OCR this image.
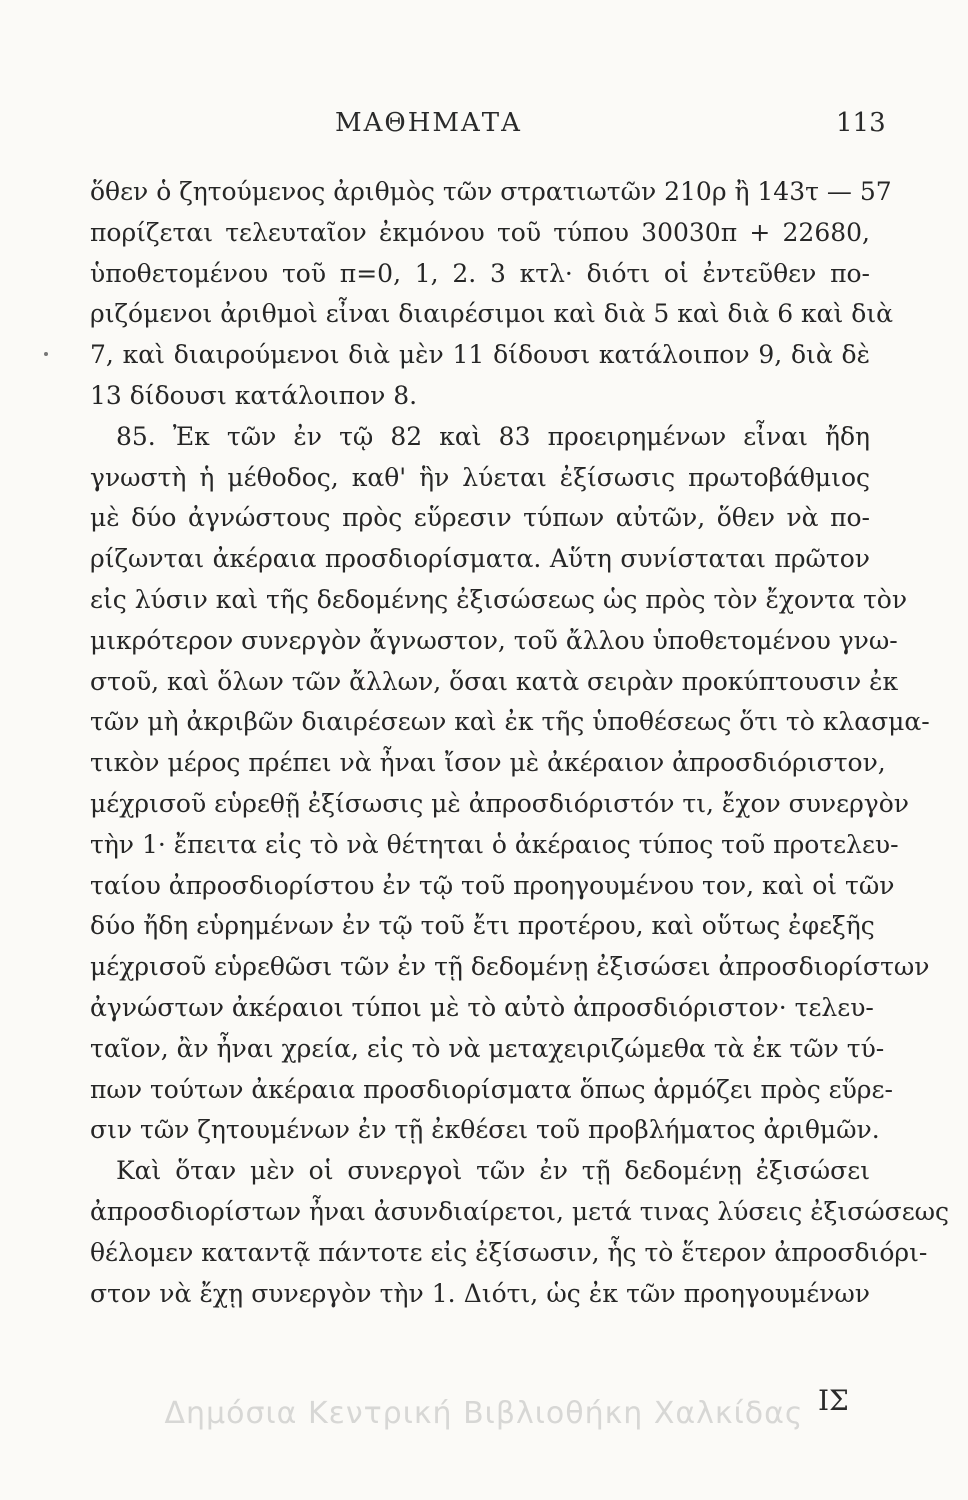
ΜΑΘΗΜΑΤΑ	113
ὅθεν ὁ ζητούμενος ἀριθμὸς τῶν στρατιωτῶν 210ρ ἢ 143τ — 57
πορίζεται τελευταῖον ἐκμόνου τοῦ τύπου 30030π + 22680,
ὑποθετομένου τοῦ π=0, 1, 2. 3 κτλ· διότι οἱ ἐντεῦθεν πο-
ριζόμενοι ἀριθμοὶ εἶναι διαιρέσιμοι καὶ διὰ 5 καὶ διὰ 6 καὶ διὰ
7, καὶ διαιρούμενοι διὰ μὲν 11 δίδουσι κατάλοιπον 9, διὰ δὲ
13 δίδουσι κατάλοιπον 8.
85. Ἐκ τῶν ἐν τῷ 82 καὶ 83 προειρημένων εἶναι ἤδη
γνωστὴ ἡ μέθοδος, καθ' ἣν λύεται ἐξίσωσις πρωτοβάθμιος
μὲ δύο ἀγνώστους πρὸς εὕρεσιν τύπων αὐτῶν, ὅθεν νὰ πο-
ρίζωνται ἀκέραια προσδιορίσματα. Αὕτη συνίσταται πρῶτον
εἰς λύσιν καὶ τῆς δεδομένης ἐξισώσεως ὡς πρὸς τὸν ἔχοντα τὸν
μικρότερον συνεργὸν ἄγνωστον, τοῦ ἄλλου ὑποθετομένου γνω-
στοῦ, καὶ ὅλων τῶν ἄλλων, ὅσαι κατὰ σειρὰν προκύπτουσιν ἐκ
τῶν μὴ ἀκριβῶν διαιρέσεων καὶ ἐκ τῆς ὑποθέσεως ὅτι τὸ κλασμα-
τικὸν μέρος πρέπει νὰ ἦναι ἴσον μὲ ἀκέραιον ἀπροσδιόριστον,
μέχρισοῦ εὑρεθῇ ἐξίσωσις μὲ ἀπροσδιόριστόν τι, ἔχον συνεργὸν
τὴν 1· ἔπειτα εἰς τὸ νὰ θέτηται ὁ ἀκέραιος τύπος τοῦ προτελευ-
ταίου ἀπροσδιορίστου ἐν τῷ τοῦ προηγουμένου τον, καὶ οἱ τῶν
δύο ἤδη εὑρημένων ἐν τῷ τοῦ ἔτι προτέρου, καὶ οὕτως ἐφεξῆς
μέχρισοῦ εὑρεθῶσι τῶν ἐν τῇ δεδομένῃ ἐξισώσει ἀπροσδιορίστων
ἀγνώστων ἀκέραιοι τύποι μὲ τὸ αὐτὸ ἀπροσδιόριστον· τελευ-
ταῖον, ἂν ἦναι χρεία, εἰς τὸ νὰ μεταχειριζώμεθα τὰ ἐκ τῶν τύ-
πων τούτων ἀκέραια προσδιορίσματα ὅπως ἁρμόζει πρὸς εὕρε-
σιν τῶν ζητουμένων ἐν τῇ ἐκθέσει τοῦ προβλήματος ἀριθμῶν.
Καὶ ὅταν μὲν οἱ συνεργοὶ τῶν ἐν τῇ δεδομένῃ ἐξισώσει
ἀπροσδιορίστων ἦναι ἀσυνδιαίρετοι, μετά τινας λύσεις ἐξισώσεως
θέλομεν καταντᾷ πάντοτε εἰς ἐξίσωσιν, ἧς τὸ ἕτερον ἀπροσδιόρι-
στον νὰ ἔχῃ συνεργὸν τὴν 1. Διότι, ὡς ἐκ τῶν προηγουμένων
ΙΣ
Δημόσια Κεντρική Βιβλιοθήκη Χαλκίδας
